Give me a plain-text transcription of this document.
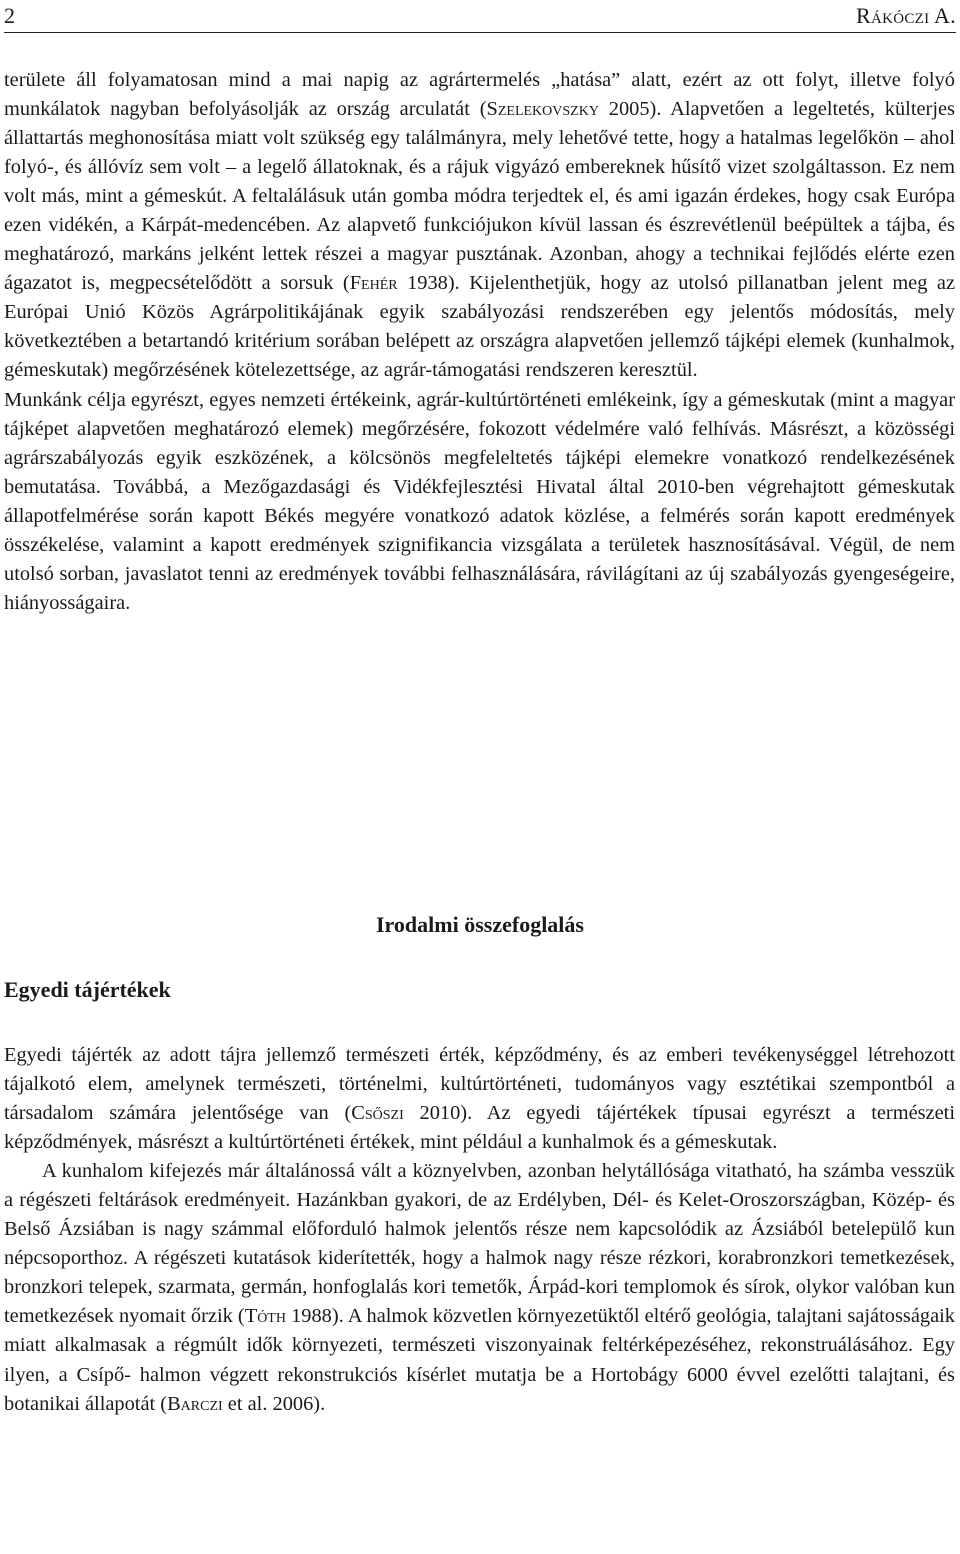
2	Rákóczi A.

területe áll folyamatosan mind a mai napig az agrártermelés „hatása” alatt, ezért az ott folyt, illetve folyó munkálatok nagyban befolyásolják az ország arculatát (Szelekovszky 2005). Alapvetően a legeltetés, külterjes állattartás meghonosítása miatt volt szükség egy találmányra, mely lehetővé tette, hogy a hatalmas legelőkön – ahol folyó-, és állóvíz sem volt – a legelő állatoknak, és a rájuk vigyázó embereknek hűsítő vizet szolgáltasson. Ez nem volt más, mint a gémeskút. A feltalálásuk után gomba módra terjedtek el, és ami igazán érdekes, hogy csak Európa ezen vidékén, a Kárpát-medencében. Az alapvető funkciójukon kívül lassan és észrevétlenül beépültek a tájba, és meghatározó, markáns jelként lettek részei a magyar pusztának. Azonban, ahogy a technikai fejlődés elérte ezen ágazatot is, megpecsételődött a sorsuk (Fehér 1938). Kijelenthetjük, hogy az utolsó pillanatban jelent meg az Európai Unió Közös Agrárpolitikájának egyik szabályozási rendszerében egy jelentős módosítás, mely következtében a betartandó kritérium sorában belépett az országra alapvetően jellemző tájképi elemek (kunhalmok, gémeskutak) megőrzésének kötelezettsége, az agrár-támogatási rendszeren keresztül.

Munkánk célja egyrészt, egyes nemzeti értékeink, agrár-kultúrtörténeti emlékeink, így a gémeskutak (mint a magyar tájképet alapvetően meghatározó elemek) megőrzésére, fokozott védelmére való felhívás. Másrészt, a közösségi agrárszabályozás egyik eszközének, a kölcsönös megfeleltetés tájképi elemekre vonatkozó rendelkezésének bemutatása. Továbbá, a Mezőgazdasági és Vidékfejlesztési Hivatal által 2010-ben végrehajtott gémeskutak állapotfelmérése során kapott Békés megyére vonatkozó adatok közlése, a felmérés során kapott eredmények összékelése, valamint a kapott eredmények szignifikancia vizsgálata a területek hasznosításával. Végül, de nem utolsó sorban, javaslatot tenni az eredmények további felhasználására, rávilágítani az új szabályozás gyengeségeire, hiányosságaira.

Irodalmi összefoglalás
Egyedi tájértékek

Egyedi tájérték az adott tájra jellemző természeti érték, képződmény, és az emberi tevékenységgel létrehozott tájalkotó elem, amelynek természeti, történelmi, kultúrtörténeti, tudományos vagy esztétikai szempontból a társadalom számára jelentősége van (Csőszi 2010). Az egyedi tájértékek típusai egyrészt a természeti képződmények, másrészt a kultúrtörténeti értékek, mint például a kunhalmok és a gémeskutak.

A kunhalom kifejezés már általánossá vált a köznyelvben, azonban helytállósága vitatható, ha számba vesszük a régészeti feltárások eredményeit. Hazánkban gyakori, de az Erdélyben, Dél- és Kelet-Oroszországban, Közép- és Belső Ázsiában is nagy számmal előforduló halmok jelentős része nem kapcsolódik az Ázsiából betelepülő kun népcsoporthoz. A régészeti kutatások kiderítették, hogy a halmok nagy része rézkori, korabronzkori temetkezések, bronzkori telepek, szarmata, germán, honfoglalás kori temetők, Árpád-kori templomok és sírok, olykor valóban kun temetkezések nyomait őrzik (Tóth 1988). A halmok közvetlen környezetüktől eltérő geológia, talajtani sajátosságaik miatt alkalmasak a régmúlt idők környezeti, természeti viszonyainak feltérképezéséhez, rekonstruálásához. Egy ilyen, a Csípő- halmon végzett rekonstrukciós kísérlet mutatja be a Hortobágy 6000 évvel ezelőtti talajtani, és botanikai állapotát (Barczi et al. 2006).
